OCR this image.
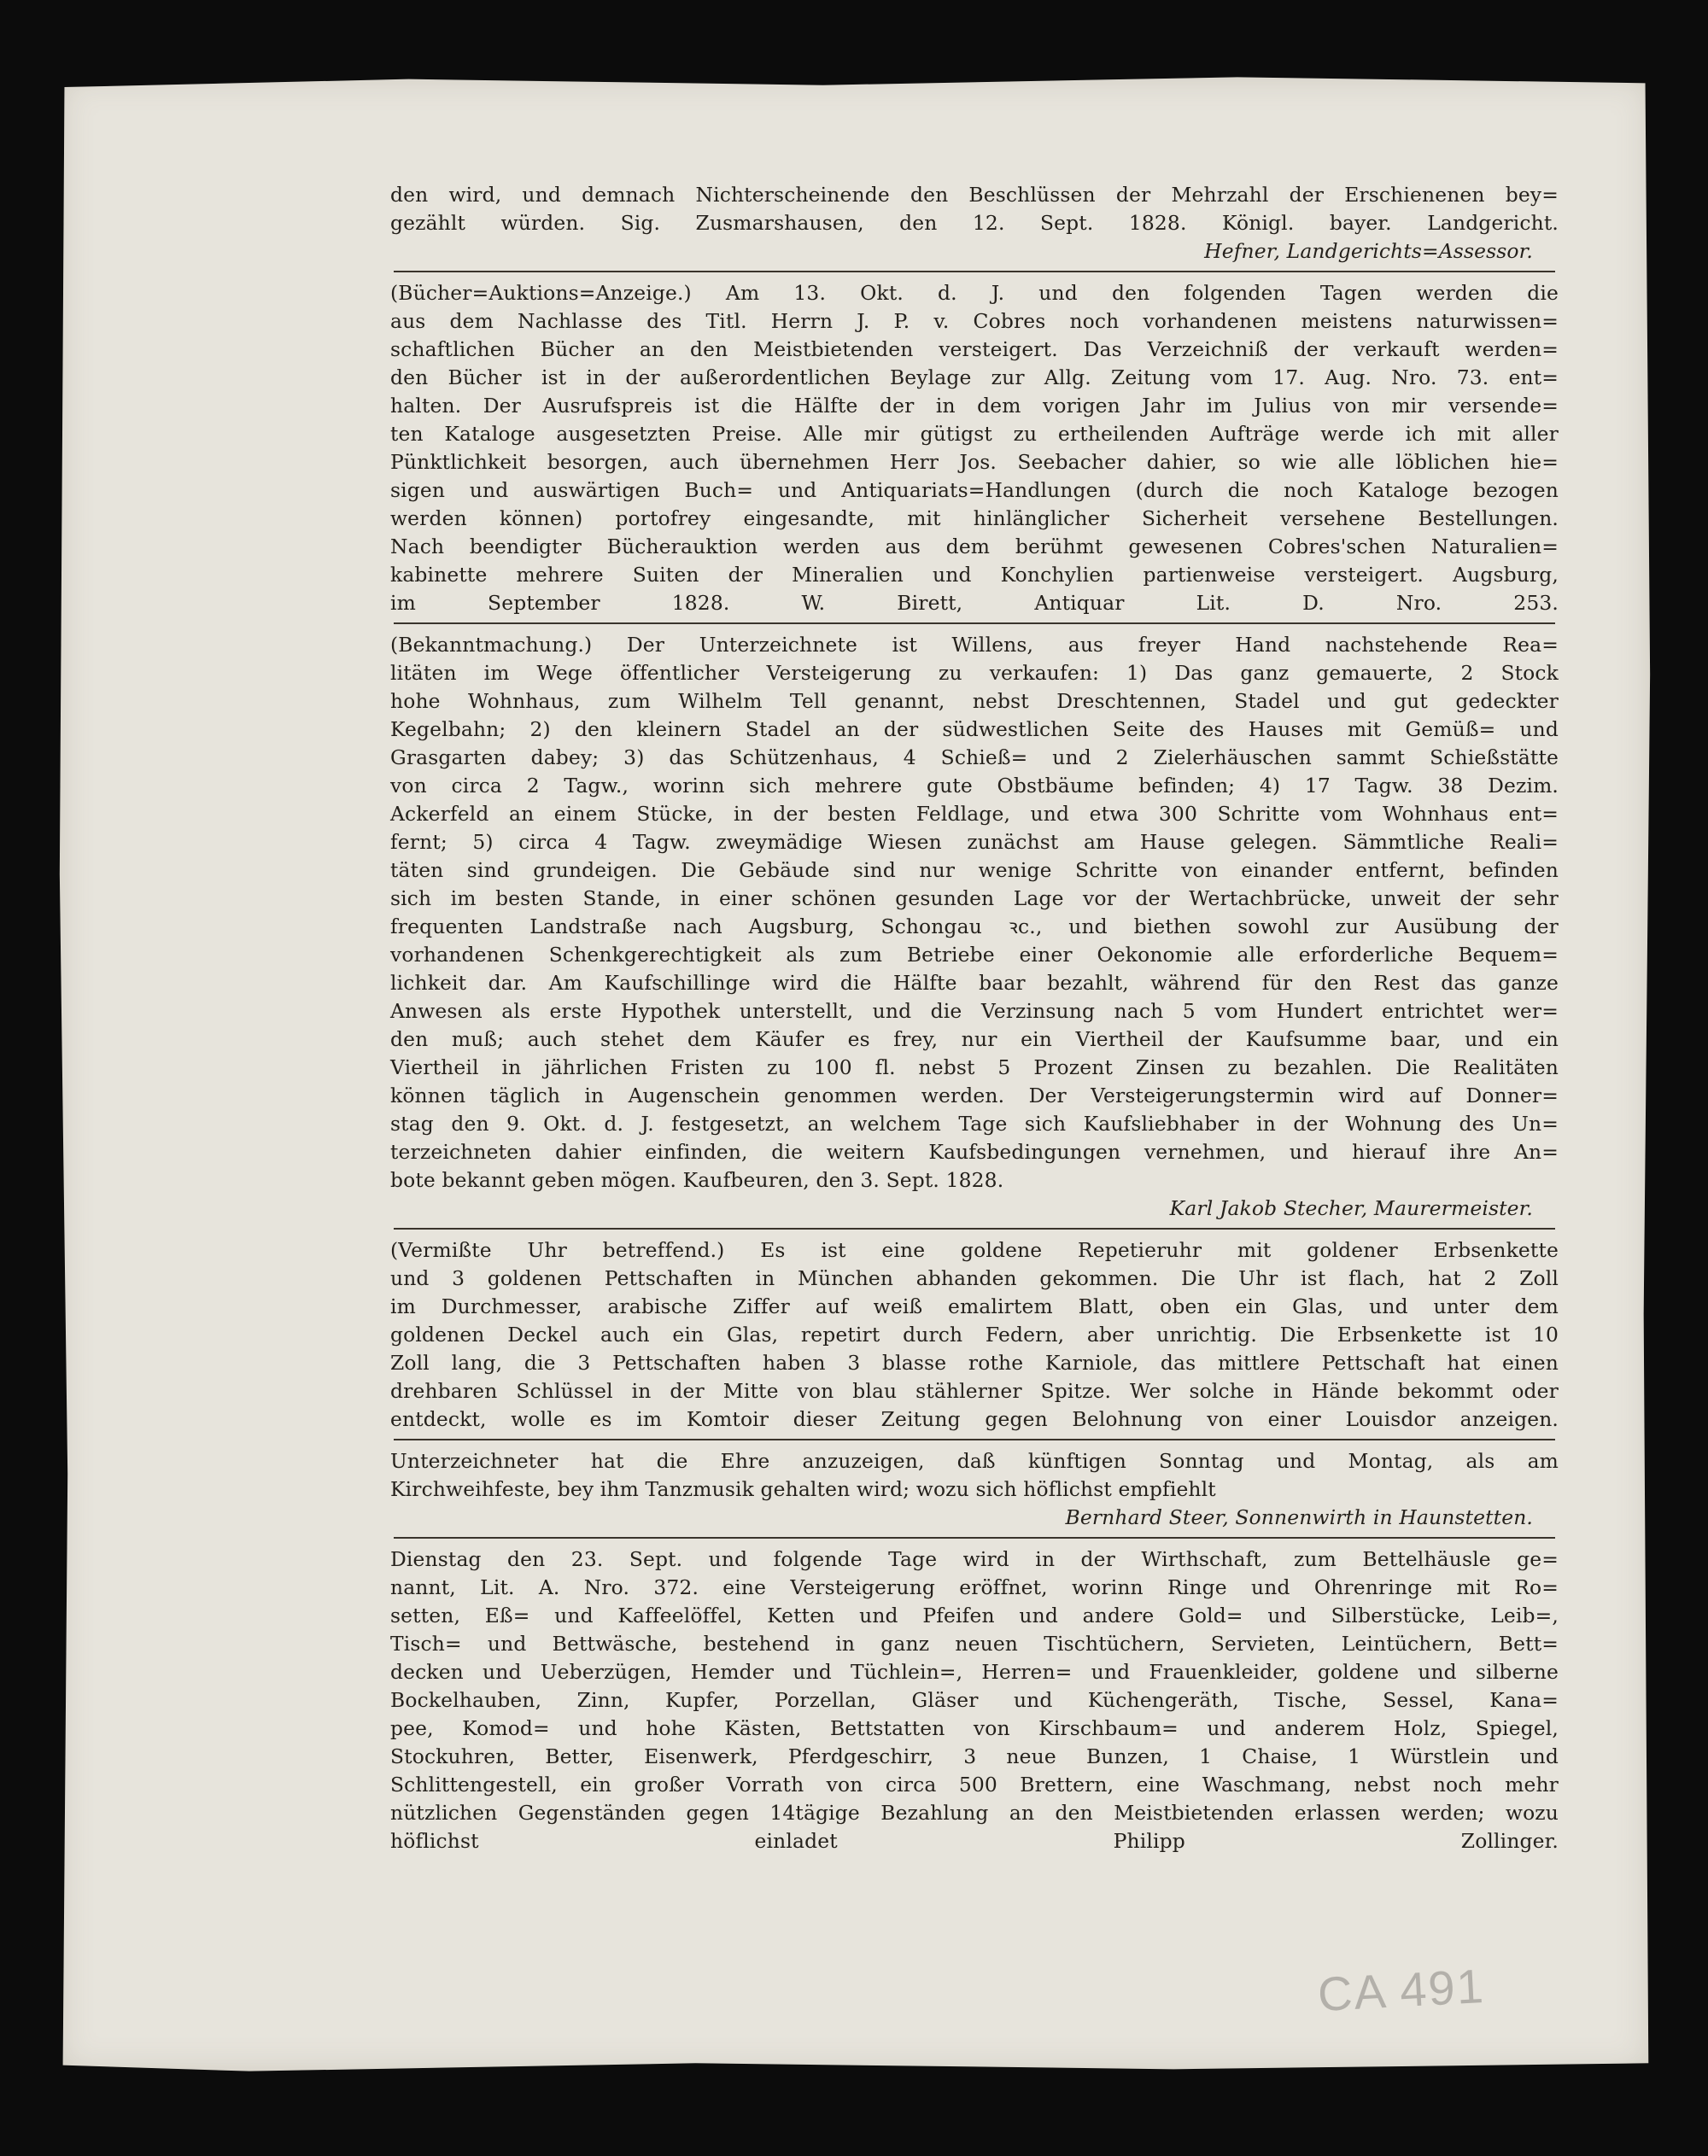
den wird, und demnach Nichterscheinende den Beschlüssen der Mehrzahl der Erschienenen bey=
gezählt würden. Sig. Zusmarshausen, den 12. Sept. 1828. Königl. bayer. Landgericht.
Hefner, Landgerichts=Assessor.
(Bücher=Auktions=Anzeige.) Am 13. Okt. d. J. und den folgenden Tagen werden die
aus dem Nachlasse des Titl. Herrn J. P. v. Cobres noch vorhandenen meistens naturwissen=
schaftlichen Bücher an den Meistbietenden versteigert. Das Verzeichniß der verkauft werden=
den Bücher ist in der außerordentlichen Beylage zur Allg. Zeitung vom 17. Aug. Nro. 73. ent=
halten. Der Ausrufspreis ist die Hälfte der in dem vorigen Jahr im Julius von mir versende=
ten Kataloge ausgesetzten Preise. Alle mir gütigst zu ertheilenden Aufträge werde ich mit aller
Pünktlichkeit besorgen, auch übernehmen Herr Jos. Seebacher dahier, so wie alle löblichen hie=
sigen und auswärtigen Buch= und Antiquariats=Handlungen (durch die noch Kataloge bezogen
werden können) portofrey eingesandte, mit hinlänglicher Sicherheit versehene Bestellungen.
Nach beendigter Bücherauktion werden aus dem berühmt gewesenen Cobres'schen Naturalien=
kabinette mehrere Suiten der Mineralien und Konchylien partienweise versteigert. Augsburg,
im September 1828. W. Birett, Antiquar Lit. D. Nro. 253.
(Bekanntmachung.) Der Unterzeichnete ist Willens, aus freyer Hand nachstehende Rea=
litäten im Wege öffentlicher Versteigerung zu verkaufen: 1) Das ganz gemauerte, 2 Stock
hohe Wohnhaus, zum Wilhelm Tell genannt, nebst Dreschtennen, Stadel und gut gedeckter
Kegelbahn; 2) den kleinern Stadel an der südwestlichen Seite des Hauses mit Gemüß= und
Grasgarten dabey; 3) das Schützenhaus, 4 Schieß= und 2 Zielerhäuschen sammt Schießstätte
von circa 2 Tagw., worinn sich mehrere gute Obstbäume befinden; 4) 17 Tagw. 38 Dezim.
Ackerfeld an einem Stücke, in der besten Feldlage, und etwa 300 Schritte vom Wohnhaus ent=
fernt; 5) circa 4 Tagw. zweymädige Wiesen zunächst am Hause gelegen. Sämmtliche Reali=
täten sind grundeigen. Die Gebäude sind nur wenige Schritte von einander entfernt, befinden
sich im besten Stande, in einer schönen gesunden Lage vor der Wertachbrücke, unweit der sehr
frequenten Landstraße nach Augsburg, Schongau ꝛc., und biethen sowohl zur Ausübung der
vorhandenen Schenkgerechtigkeit als zum Betriebe einer Oekonomie alle erforderliche Bequem=
lichkeit dar. Am Kaufschillinge wird die Hälfte baar bezahlt, während für den Rest das ganze
Anwesen als erste Hypothek unterstellt, und die Verzinsung nach 5 vom Hundert entrichtet wer=
den muß; auch stehet dem Käufer es frey, nur ein Viertheil der Kaufsumme baar, und ein
Viertheil in jährlichen Fristen zu 100 fl. nebst 5 Prozent Zinsen zu bezahlen. Die Realitäten
können täglich in Augenschein genommen werden. Der Versteigerungstermin wird auf Donner=
stag den 9. Okt. d. J. festgesetzt, an welchem Tage sich Kaufsliebhaber in der Wohnung des Un=
terzeichneten dahier einfinden, die weitern Kaufsbedingungen vernehmen, und hierauf ihre An=
bote bekannt geben mögen. Kaufbeuren, den 3. Sept. 1828.
Karl Jakob Stecher, Maurermeister.
(Vermißte Uhr betreffend.) Es ist eine goldene Repetieruhr mit goldener Erbsenkette
und 3 goldenen Pettschaften in München abhanden gekommen. Die Uhr ist flach, hat 2 Zoll
im Durchmesser, arabische Ziffer auf weiß emalirtem Blatt, oben ein Glas, und unter dem
goldenen Deckel auch ein Glas, repetirt durch Federn, aber unrichtig. Die Erbsenkette ist 10
Zoll lang, die 3 Pettschaften haben 3 blasse rothe Karniole, das mittlere Pettschaft hat einen
drehbaren Schlüssel in der Mitte von blau stählerner Spitze. Wer solche in Hände bekommt oder
entdeckt, wolle es im Komtoir dieser Zeitung gegen Belohnung von einer Louisdor anzeigen.
Unterzeichneter hat die Ehre anzuzeigen, daß künftigen Sonntag und Montag, als am
Kirchweihfeste, bey ihm Tanzmusik gehalten wird; wozu sich höflichst empfiehlt
Bernhard Steer, Sonnenwirth in Haunstetten.
Dienstag den 23. Sept. und folgende Tage wird in der Wirthschaft, zum Bettelhäusle ge=
nannt, Lit. A. Nro. 372. eine Versteigerung eröffnet, worinn Ringe und Ohrenringe mit Ro=
setten, Eß= und Kaffeelöffel, Ketten und Pfeifen und andere Gold= und Silberstücke, Leib=,
Tisch= und Bettwäsche, bestehend in ganz neuen Tischtüchern, Servieten, Leintüchern, Bett=
decken und Ueberzügen, Hemder und Tüchlein=, Herren= und Frauenkleider, goldene und silberne
Bockelhauben, Zinn, Kupfer, Porzellan, Gläser und Küchengeräth, Tische, Sessel, Kana=
pee, Komod= und hohe Kästen, Bettstatten von Kirschbaum= und anderem Holz, Spiegel,
Stockuhren, Better, Eisenwerk, Pferdgeschirr, 3 neue Bunzen, 1 Chaise, 1 Würstlein und
Schlittengestell, ein großer Vorrath von circa 500 Brettern, eine Waschmang, nebst noch mehr
nützlichen Gegenständen gegen 14tägige Bezahlung an den Meistbietenden erlassen werden; wozu
höflichst einladet Philipp Zollinger.
CA 491
